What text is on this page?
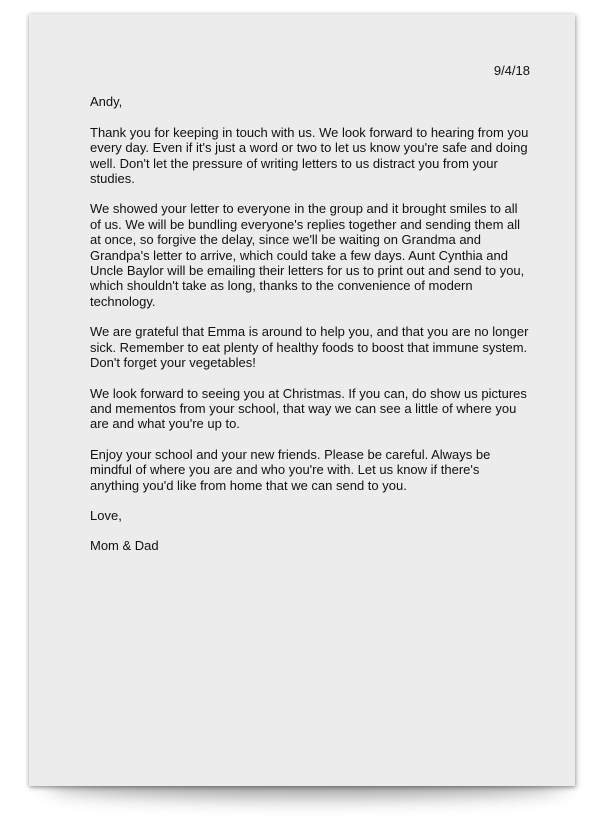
9/4/18

Andy,

Thank you for keeping in touch with us. We look forward to hearing from you every day. Even if it's just a word or two to let us know you're safe and doing well. Don't let the pressure of writing letters to us distract you from your studies.

We showed your letter to everyone in the group and it brought smiles to all of us. We will be bundling everyone's replies together and sending them all at once, so forgive the delay, since we'll be waiting on Grandma and Grandpa's letter to arrive, which could take a few days. Aunt Cynthia and Uncle Baylor will be emailing their letters for us to print out and send to you, which shouldn't take as long, thanks to the convenience of modern technology.

We are grateful that Emma is around to help you, and that you are no longer sick. Remember to eat plenty of healthy foods to boost that immune system. Don't forget your vegetables!

We look forward to seeing you at Christmas. If you can, do show us pictures and mementos from your school, that way we can see a little of where you are and what you're up to.

Enjoy your school and your new friends. Please be careful. Always be mindful of where you are and who you're with. Let us know if there's anything you'd like from home that we can send to you.

Love,

Mom & Dad
